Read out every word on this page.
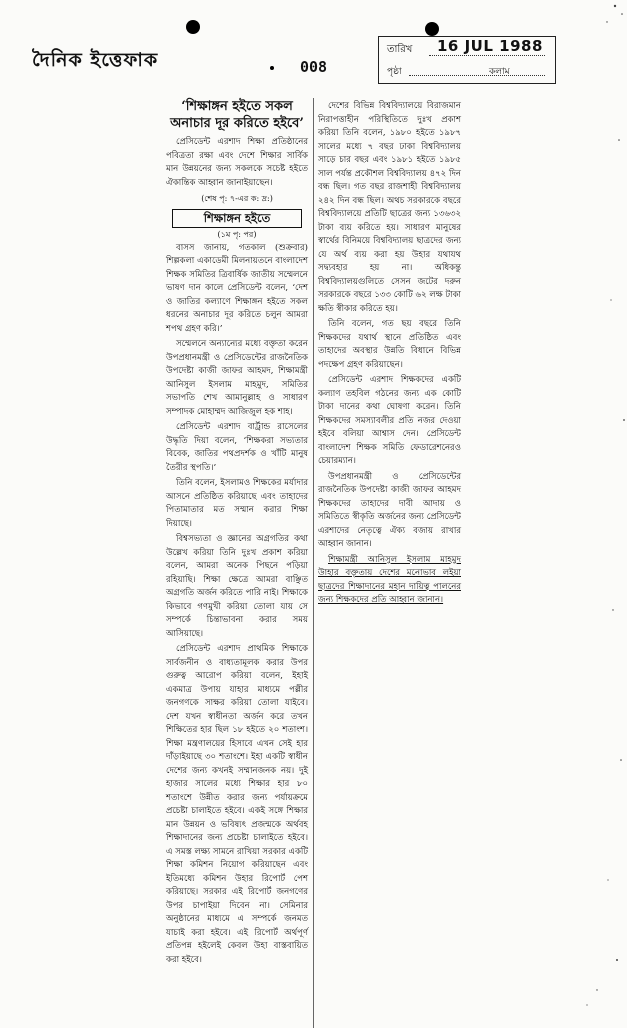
দৈনিক ইত্তেফাক	008
তারিখ 16 JUL 1988
পৃষ্ঠা	কলাম
‘শিক্ষাঙ্গন হইতে সকল অনাচার দূর করিতে হইবে’

প্রেসিডেন্ট এরশাদ শিক্ষা প্রতিষ্ঠানের পবিত্রতা রক্ষা এবং দেশে শিক্ষার সার্বিক মান উন্নয়নের জন্য সকলকে সচেষ্ট হইতে ঐকান্তিক আহ্বান জানাইয়াছেন।

(শেষ পৃ: ৭-এর ক: দ্র:)
শিক্ষাঙ্গন হইতে
(১ম পৃ: পর)

বাসস জানায়, গতকাল (শুক্রবার) শিল্পকলা একাডেমী মিলনায়তনে বাংলাদেশ শিক্ষক সমিতির ত্রিবার্ষিক জাতীয় সম্মেলনে ভাষণ দান কালে প্রেসিডেন্ট বলেন, ‘দেশ ও জাতির কল্যাণে শিক্ষাঙ্গন হইতে সকল ধরনের অনাচার দূর করিতে চলুন আমরা শপথ গ্রহণ করি।’

সম্মেলনে অন্যান্যের মধ্যে বক্তৃতা করেন উপপ্রধানমন্ত্রী ও প্রেসিডেন্টের রাজনৈতিক উপদেষ্টা কাজী জাফর আহমদ, শিক্ষামন্ত্রী আনিসুল ইসলাম মাহমুদ, সমিতির সভাপতি শেখ আমানুল্লাহ ও সাধারণ সম্পাদক মোহাম্মদ আজিজুল হক শাহ।

প্রেসিডেন্ট এরশাদ বার্ট্রান্ড রাসেলের উদ্ধৃতি দিয়া বলেন, ‘শিক্ষকরা সভ্যতার বিবেক, জাতির পথপ্রদর্শক ও খাঁটি মানুষ তৈরীর স্থপতি।’

তিনি বলেন, ইসলামও শিক্ষকের মর্যাদার আসনে প্রতিষ্ঠিত করিয়াছে এবং তাহাদের পিতামাতার মত সম্মান করার শিক্ষা দিয়াছে।

বিশ্বসভ্যতা ও জ্ঞানের অগ্রগতির কথা উল্লেখ করিয়া তিনি দুঃখ প্রকাশ করিয়া বলেন, আমরা অনেক পিছনে পড়িয়া রহিয়াছি। শিক্ষা ক্ষেত্রে আমরা বাঞ্ছিত অগ্রগতি অর্জন করিতে পারি নাই। শিক্ষাকে কিভাবে গণমুখী করিয়া তোলা যায় সে সম্পর্কে চিন্তাভাবনা করার সময় আসিয়াছে।

প্রেসিডেন্ট এরশাদ প্রাথমিক শিক্ষাকে সার্বজনীন ও বাধ্যতামূলক করার উপর গুরুত্ব আরোপ করিয়া বলেন, ইহাই একমাত্র উপায় যাহার মাধ্যমে পল্লীর জনগণকে সাক্ষর করিয়া তোলা যাইবে। দেশ যখন স্বাধীনতা অর্জন করে তখন শিক্ষিতের হার ছিল ১৮ হইতে ২০ শতাংশ। শিক্ষা মন্ত্রণালয়ের হিসাবে এখন সেই হার দাঁড়াইয়াছে ৩০ শতাংশে। ইহা একটি স্বাধীন দেশের জন্য কখনই সম্মানজনক নয়। দুই হাজার সালের মধ্যে শিক্ষার হার ৮০ শতাংশে উন্নীত করার জন্য পর্যায়ক্রমে প্রচেষ্টা চালাইতে হইবে। একই সঙ্গে শিক্ষার মান উন্নয়ন ও ভবিষ্যৎ প্রজন্মকে অর্থবহ শিক্ষাদানের জন্য প্রচেষ্টা চালাইতে হইবে। এ সমস্ত লক্ষ্য সামনে রাখিয়া সরকার একটি শিক্ষা কমিশন নিয়োগ করিয়াছেন এবং ইতিমধ্যে কমিশন উহার রিপোর্ট পেশ করিয়াছে। সরকার এই রিপোর্ট জনগণের উপর চাপাইয়া দিবেন না। সেমিনার অনুষ্ঠানের মাধ্যমে এ সম্পর্কে জনমত যাচাই করা হইবে। এই রিপোর্ট অর্থপূর্ণ প্রতিপন্ন হইলেই কেবল উহা বাস্তবায়িত করা হইবে।

দেশের বিভিন্ন বিশ্ববিদ্যালয়ে বিরাজমান নিরাপত্তাহীন পরিস্থিতিতে দুঃখ প্রকাশ করিয়া তিনি বলেন, ১৯৮০ হইতে ১৯৮৭ সালের মধ্যে ৭ বছর ঢাকা বিশ্ববিদ্যালয় সাড়ে চার বছর এবং ১৯৮১ হইতে ১৯৮৫ সাল পর্যন্ত প্রকৌশল বিশ্ববিদ্যালয় ৪৭২ দিন বন্ধ ছিল। গত বছর রাজশাহী বিশ্ববিদ্যালয় ২৪২ দিন বন্ধ ছিল। অথচ সরকারকে বছরে বিশ্ববিদ্যালয়ে প্রতিটি ছাত্রের জন্য ১৩৬৩২ টাকা ব্যয় করিতে হয়। সাধারণ মানুষের স্বার্থের বিনিময়ে বিশ্ববিদ্যালয় ছাত্রদের জন্য যে অর্থ ব্যয় করা হয় উহার যথাযথ সদ্ব্যবহার হয় না। অধিকন্তু বিশ্ববিদ্যালয়গুলিতে সেসন জটের দরুন সরকারকে বছরে ১৩৩ কোটি ৬২ লক্ষ টাকা ক্ষতি স্বীকার করিতে হয়।

তিনি বলেন, গত ছয় বছরে তিনি শিক্ষকদের যথার্থ স্থানে প্রতিষ্ঠিত এবং তাহাদের অবস্থার উন্নতি বিধানে বিভিন্ন পদক্ষেপ গ্রহণ করিয়াছেন।

প্রেসিডেন্ট এরশাদ শিক্ষকদের একটি কল্যাণ তহবিল গঠনের জন্য এক কোটি টাকা দানের কথা ঘোষণা করেন। তিনি শিক্ষকদের সমস্যাবলীর প্রতি নজর দেওয়া হইবে বলিয়া আশ্বাস দেন। প্রেসিডেন্ট বাংলাদেশ শিক্ষক সমিতি ফেডারেশনেরও চেয়ারম্যান।

উপপ্রধানমন্ত্রী ও প্রেসিডেন্টের রাজনৈতিক উপদেষ্টা কাজী জাফর আহমদ শিক্ষকদের তাহাদের দাবী আদায় ও সমিতিতে স্বীকৃতি অর্জনের জন্য প্রেসিডেন্ট এরশাদের নেতৃত্বে ঐক্য বজায় রাখার আহ্বান জানান।

শিক্ষামন্ত্রী আনিসুল ইসলাম মাহমুদ উাহার বক্তৃতায় দেশের মনোভাব লইয়া ছাত্রদের শিক্ষাদানের মহান দায়িত্ব পালনের জন্য শিক্ষকদের প্রতি আহ্বান জানান।
